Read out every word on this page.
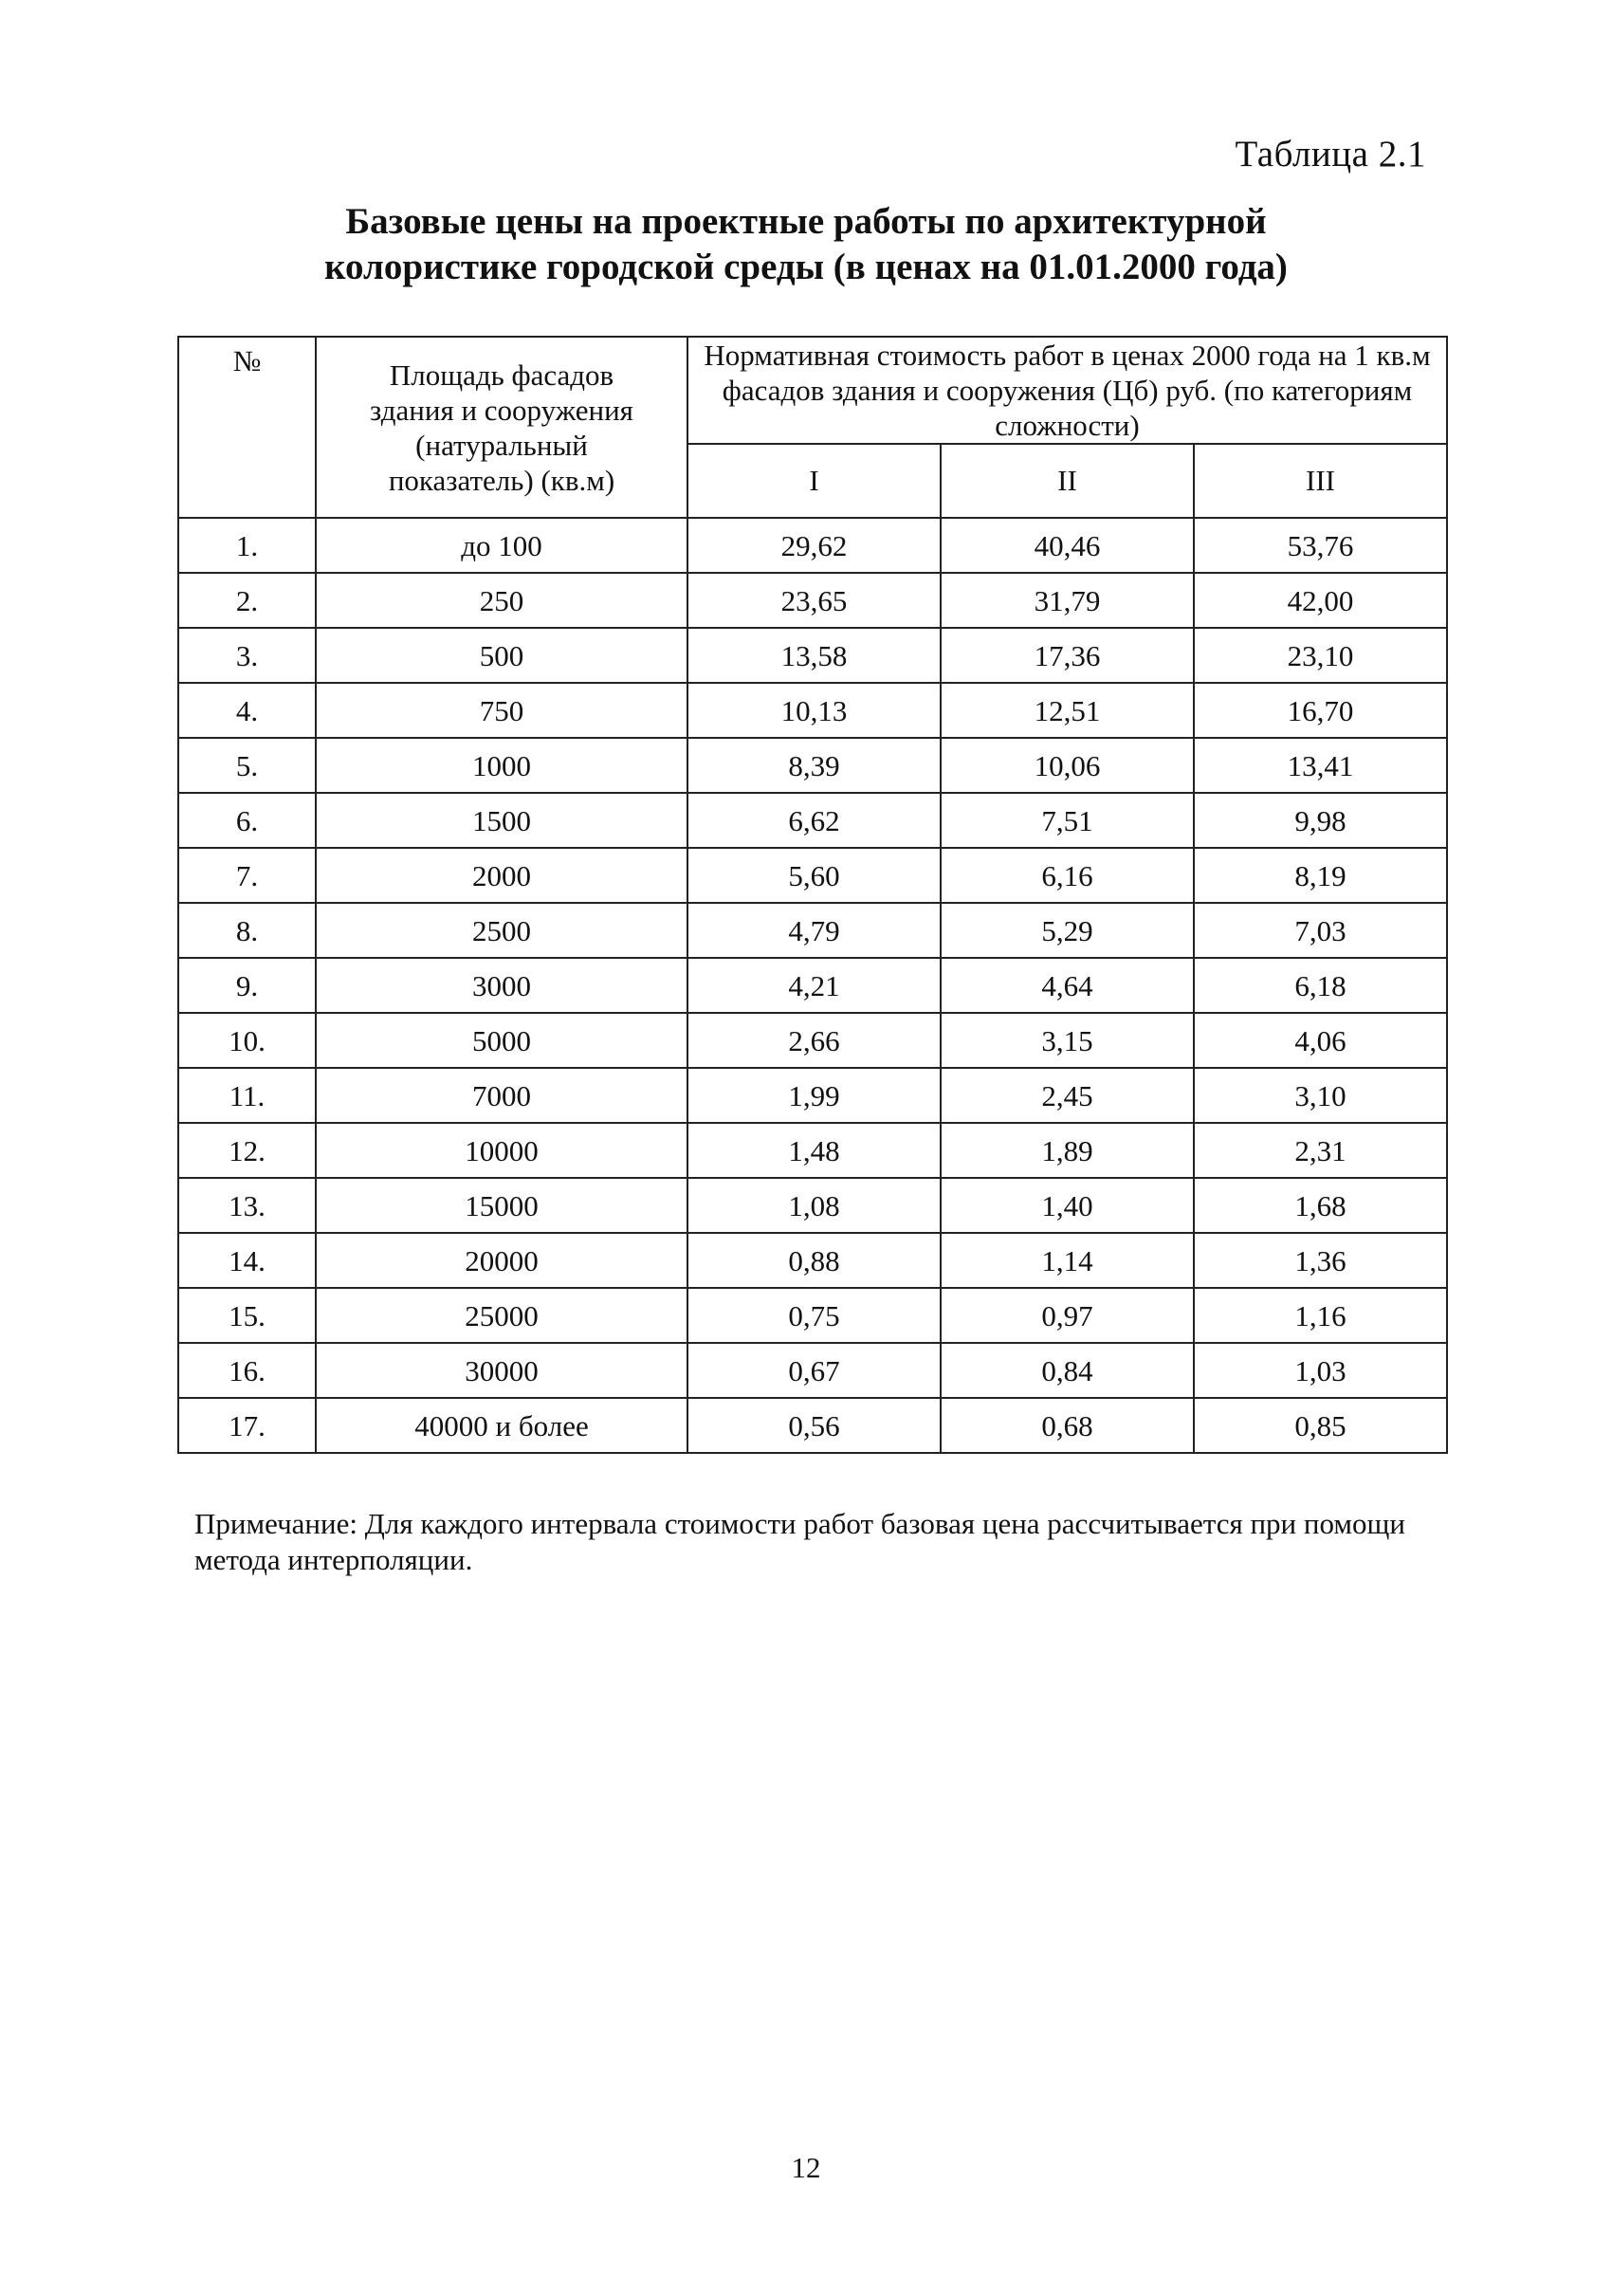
Таблица 2.1
Базовые цены на проектные работы по архитектурной
колористике городской среды (в ценах на 01.01.2000 года)
№	Площадь фасадов здания и сооружения (натуральный показатель) (кв.м)	Нормативная стоимость работ в ценах 2000 года на 1 кв.м фасадов здания и сооружения (Цб) руб. (по категориям сложности)		
		I	II	III
1.	до 100	29,62	40,46	53,76
2.	250	23,65	31,79	42,00
3.	500	13,58	17,36	23,10
4.	750	10,13	12,51	16,70
5.	1000	8,39	10,06	13,41
6.	1500	6,62	7,51	9,98
7.	2000	5,60	6,16	8,19
8.	2500	4,79	5,29	7,03
9.	3000	4,21	4,64	6,18
10.	5000	2,66	3,15	4,06
11.	7000	1,99	2,45	3,10
12.	10000	1,48	1,89	2,31
13.	15000	1,08	1,40	1,68
14.	20000	0,88	1,14	1,36
15.	25000	0,75	0,97	1,16
16.	30000	0,67	0,84	1,03
17.	40000 и более	0,56	0,68	0,85
Примечание: Для каждого интервала стоимости работ базовая цена рассчитывается при помощи метода интерполяции.
12
